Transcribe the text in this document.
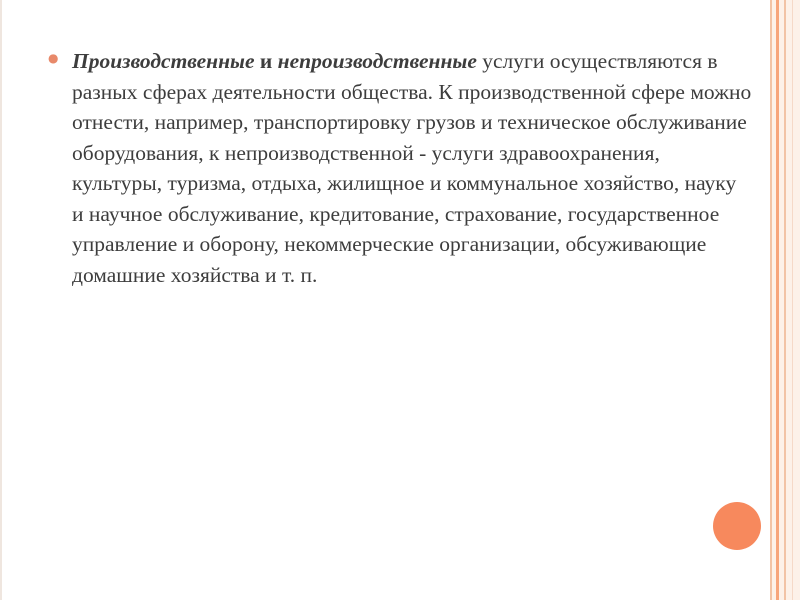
● Производственные и непроизводственные услуги осуществляются в разных сферах деятельности общества. К производственной сфере можно отнести, например, транспортировку грузов и техническое обслуживание оборудования, к непроизводственной - услуги здравоохранения, культуры, туризма, отдыха, жилищное и коммунальное хозяйство, науку и научное обслуживание, кредитование, страхование, государственное управление и оборону, некоммерческие организации, обсуживающие домашние хозяйства и т. п.
